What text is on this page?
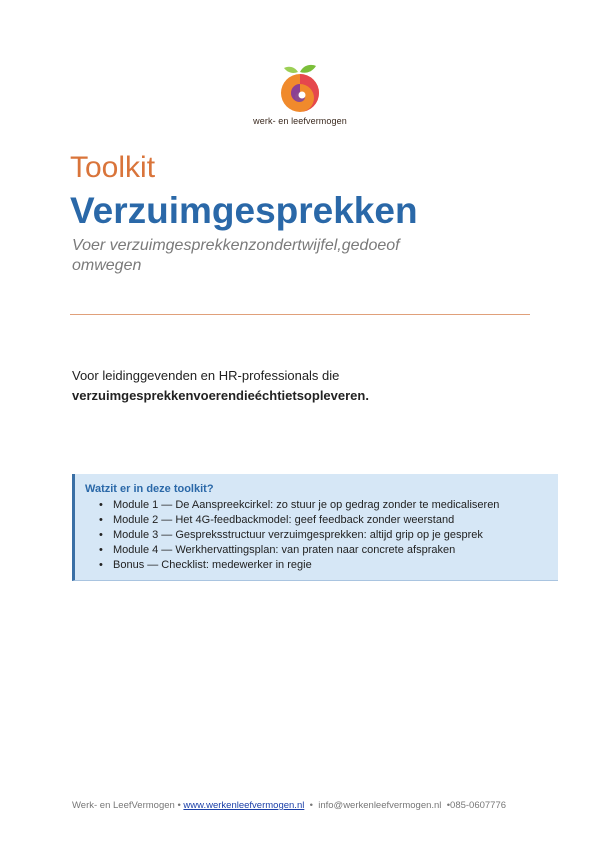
werk- en leefvermogen
Toolkit
Verzuimgesprekken
Voer verzuimgesprekkenzondertwijfel,gedoeof omwegen
Voor leidinggevenden en HR-professionals die
verzuimgesprekkenvoerendieéchtietsopleveren.
Watzit er in deze toolkit?
• Module 1 — De Aanspreekcirkel: zo stuur je op gedrag zonder te medicaliseren
• Module 2 — Het 4G-feedbackmodel: geef feedback zonder weerstand
• Module 3 — Gespreksstructuur verzuimgesprekken: altijd grip op je gesprek
• Module 4 — Werkhervattingsplan: van praten naar concrete afspraken
• Bonus — Checklist: medewerker in regie
Werk- en LeefVermogen • www.werkenleefvermogen.nl • info@werkenleefvermogen.nl •085-0607776
